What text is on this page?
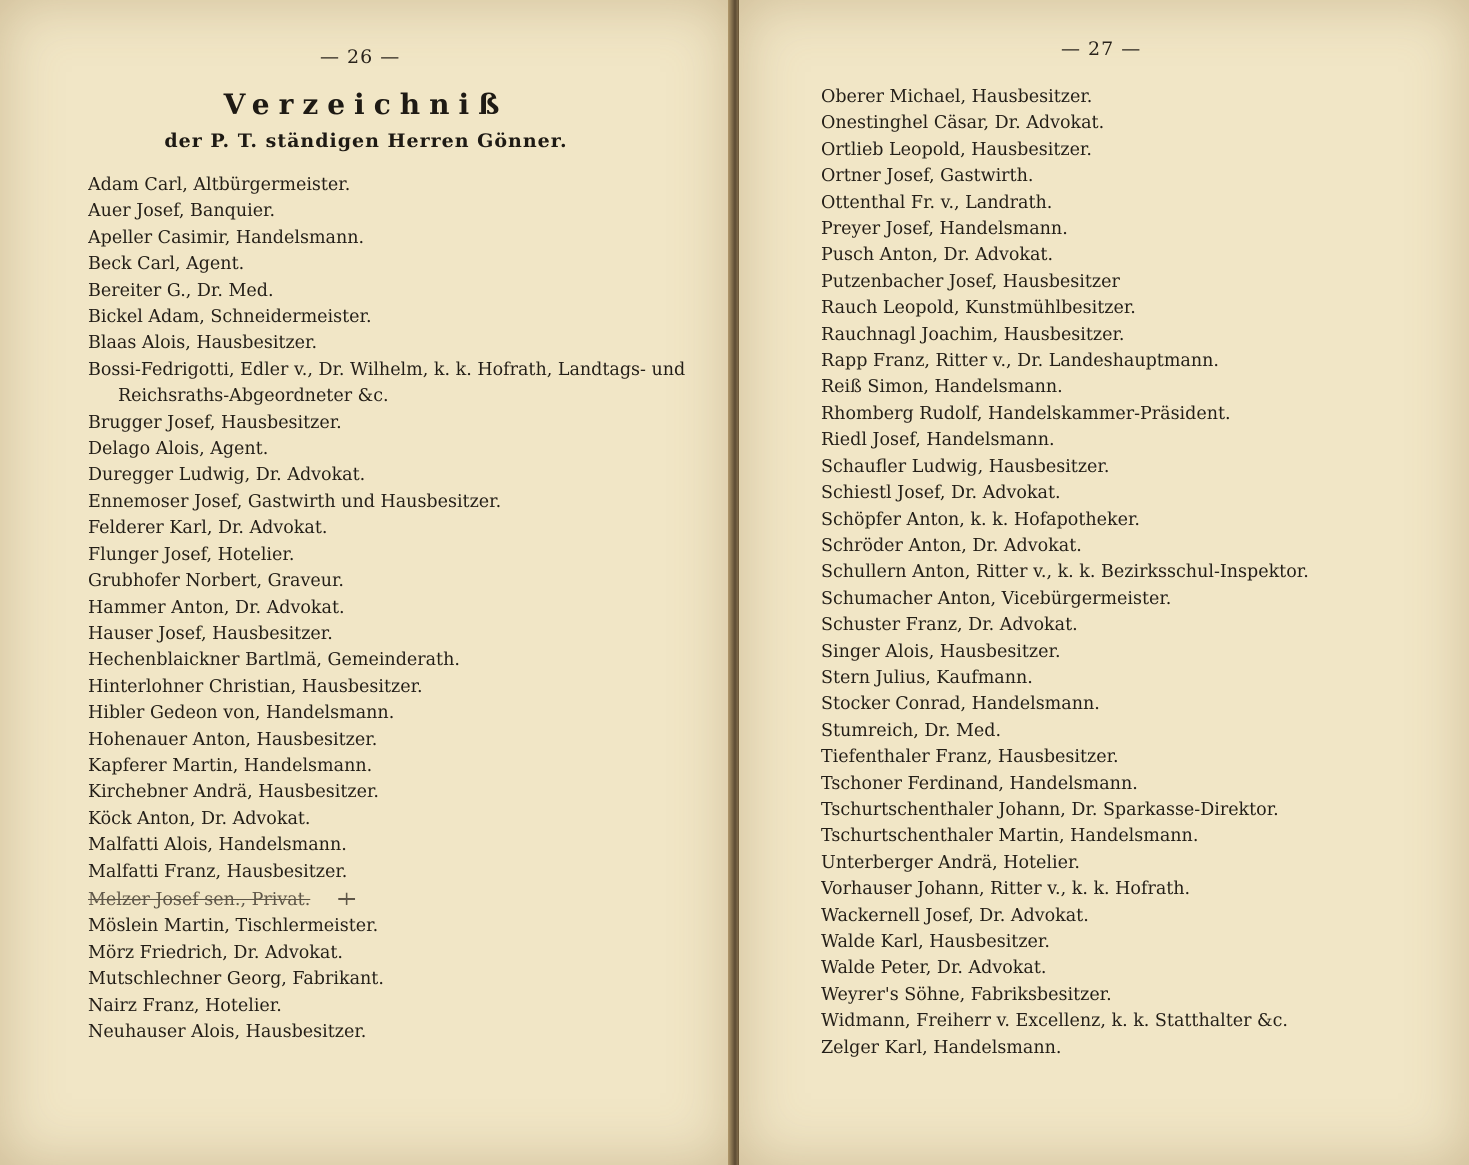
— 26 —
Verzeichniß
der P. T. ständigen Herren Gönner.
Adam Carl, Altbürgermeister.
Auer Josef, Banquier.
Apeller Casimir, Handelsmann.
Beck Carl, Agent.
Bereiter G., Dr. Med.
Bickel Adam, Schneidermeister.
Blaas Alois, Hausbesitzer.
Bossi-Fedrigotti, Edler v., Dr. Wilhelm, k. k. Hofrath, Landtags- und
Reichsraths-Abgeordneter &c.
Brugger Josef, Hausbesitzer.
Delago Alois, Agent.
Duregger Ludwig, Dr. Advokat.
Ennemoser Josef, Gastwirth und Hausbesitzer.
Felderer Karl, Dr. Advokat.
Flunger Josef, Hotelier.
Grubhofer Norbert, Graveur.
Hammer Anton, Dr. Advokat.
Hauser Josef, Hausbesitzer.
Hechenblaickner Bartlmä, Gemeinderath.
Hinterlohner Christian, Hausbesitzer.
Hibler Gedeon von, Handelsmann.
Hohenauer Anton, Hausbesitzer.
Kapferer Martin, Handelsmann.
Kirchebner Andrä, Hausbesitzer.
Köck Anton, Dr. Advokat.
Malfatti Alois, Handelsmann.
Malfatti Franz, Hausbesitzer.
Melzer Josef sen., Privat. +
Möslein Martin, Tischlermeister.
Mörz Friedrich, Dr. Advokat.
Mutschlechner Georg, Fabrikant.
Nairz Franz, Hotelier.
Neuhauser Alois, Hausbesitzer.
— 27 —
Oberer Michael, Hausbesitzer.
Onestinghel Cäsar, Dr. Advokat.
Ortlieb Leopold, Hausbesitzer.
Ortner Josef, Gastwirth.
Ottenthal Fr. v., Landrath.
Preyer Josef, Handelsmann.
Pusch Anton, Dr. Advokat.
Putzenbacher Josef, Hausbesitzer
Rauch Leopold, Kunstmühlbesitzer.
Rauchnagl Joachim, Hausbesitzer.
Rapp Franz, Ritter v., Dr. Landeshauptmann.
Reiß Simon, Handelsmann.
Rhomberg Rudolf, Handelskammer-Präsident.
Riedl Josef, Handelsmann.
Schaufler Ludwig, Hausbesitzer.
Schiestl Josef, Dr. Advokat.
Schöpfer Anton, k. k. Hofapotheker.
Schröder Anton, Dr. Advokat.
Schullern Anton, Ritter v., k. k. Bezirksschul-Inspektor.
Schumacher Anton, Vicebürgermeister.
Schuster Franz, Dr. Advokat.
Singer Alois, Hausbesitzer.
Stern Julius, Kaufmann.
Stocker Conrad, Handelsmann.
Stumreich, Dr. Med.
Tiefenthaler Franz, Hausbesitzer.
Tschoner Ferdinand, Handelsmann.
Tschurtschenthaler Johann, Dr. Sparkasse-Direktor.
Tschurtschenthaler Martin, Handelsmann.
Unterberger Andrä, Hotelier.
Vorhauser Johann, Ritter v., k. k. Hofrath.
Wackernell Josef, Dr. Advokat.
Walde Karl, Hausbesitzer.
Walde Peter, Dr. Advokat.
Weyrer's Söhne, Fabriksbesitzer.
Widmann, Freiherr v. Excellenz, k. k. Statthalter &c.
Zelger Karl, Handelsmann.
